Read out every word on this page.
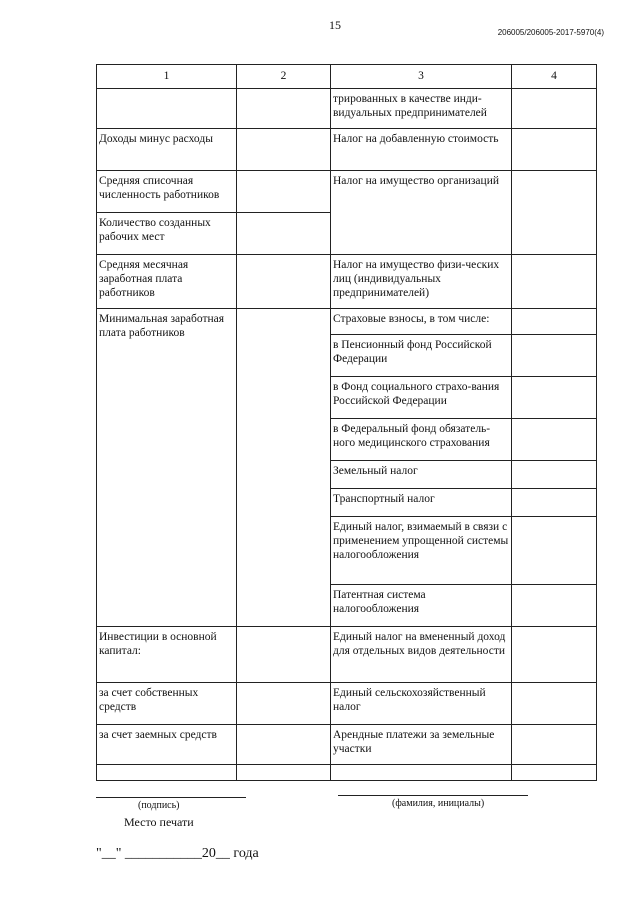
15
206005/206005-2017-5970(4)
1	2	3	4
		трированных в качестве инди-видуальных предпринимателей	
Доходы минус расходы		Налог на добавленную стоимость	
Средняя списочная численность работников		Налог на имущество организаций	
Количество созданных рабочих мест			
Средняя месячная заработная плата работников		Налог на имущество физи-ческих лиц (индивидуальных предпринимателей)	
Минимальная заработная плата работников		Страховые взносы, в том числе:	
		в Пенсионный фонд Российской Федерации	
		в Фонд социального страхо-вания Российской Федерации	
		в Федеральный фонд обязатель-ного медицинского страхования	
		Земельный налог	
		Транспортный налог	
		Единый налог, взимаемый в связи с применением упрощенной системы налогообложения	
		Патентная система налогообложения	
Инвестиции в основной капитал:		Единый налог на вмененный доход для отдельных видов деятельности	
за счет собственных средств		Единый сельскохозяйственный налог	
за счет заемных средств		Арендные платежи за земельные участки	

(подпись)	(фамилия, инициалы)
Место печати
"__" ___________20__ года
